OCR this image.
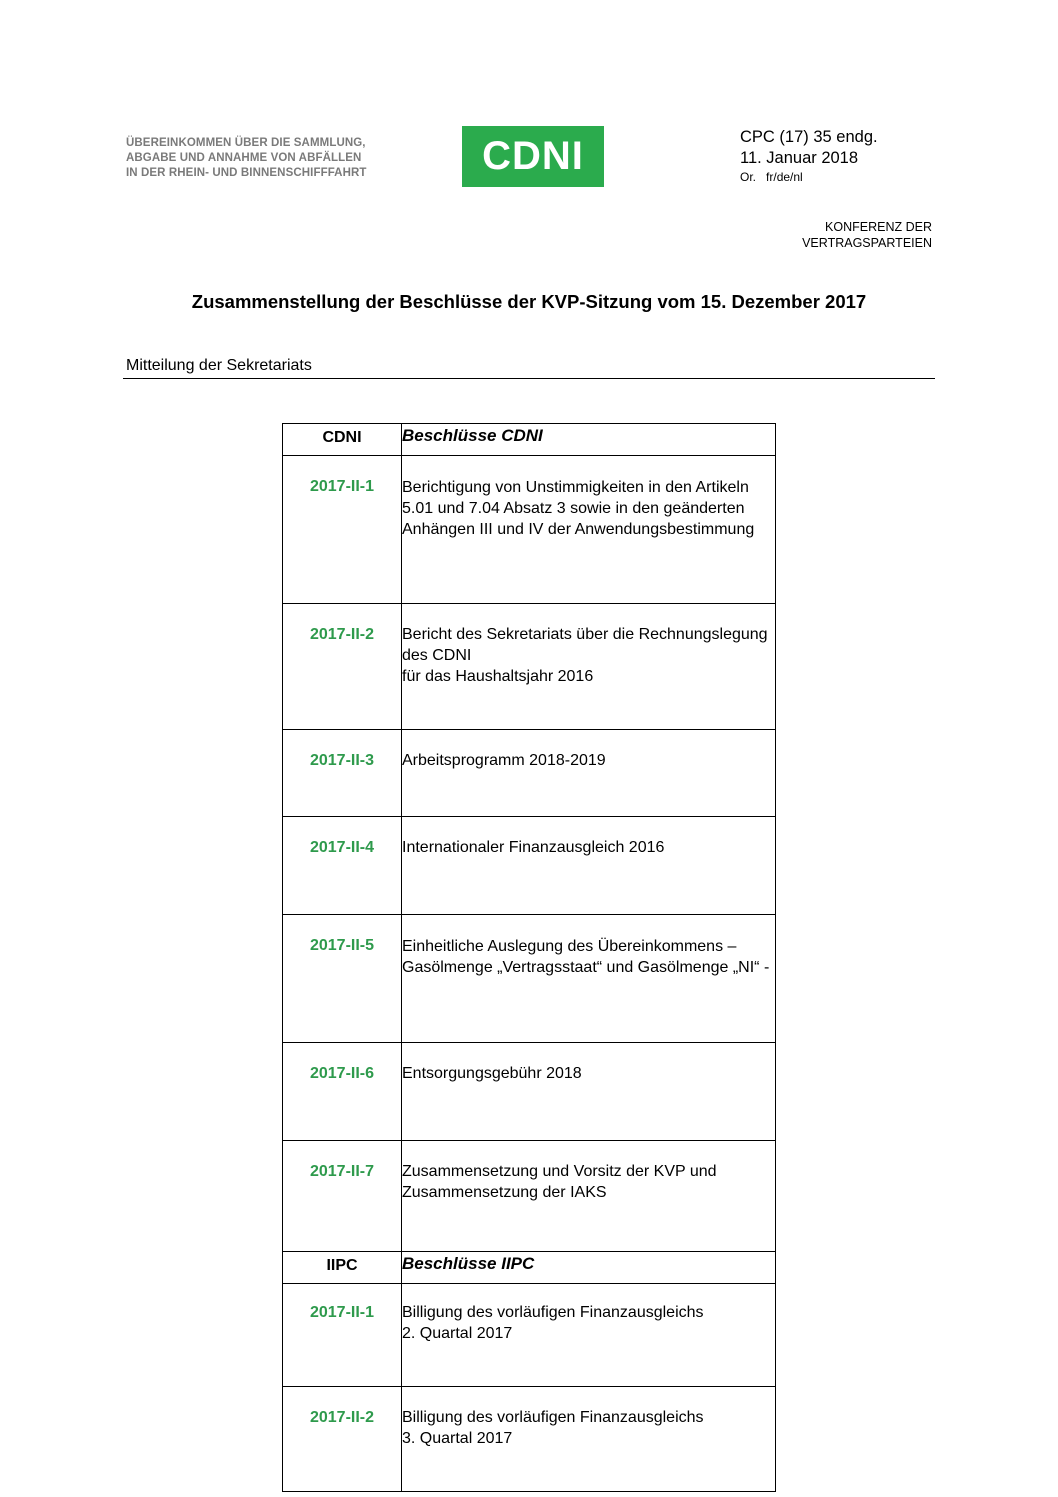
ÜBEREINKOMMEN ÜBER DIE SAMMLUNG,
ABGABE UND ANNAHME VON ABFÄLLEN
IN DER RHEIN- UND BINNENSCHIFFFAHRT	CDNI	CPC (17) 35 endg.
11. Januar 2018
Or. fr/de/nl
KONFERENZ DER
VERTRAGSPARTEIEN
Zusammenstellung der Beschlüsse der KVP-Sitzung vom 15. Dezember 2017
Mitteilung der Sekretariats
CDNI	Beschlüsse CDNI

2017-II-1	Berichtigung von Unstimmigkeiten in den Artikeln 5.01 und 7.04 Absatz 3 sowie in den geänderten Anhängen III und IV der Anwendungsbestimmung

2017-II-2	Bericht des Sekretariats über die Rechnungslegung des CDNI
für das Haushaltsjahr 2016

2017-II-3	Arbeitsprogramm 2018-2019

2017-II-4	Internationaler Finanzausgleich 2016

2017-II-5	Einheitliche Auslegung des Übereinkommens – Gasölmenge „Vertragsstaat“ und Gasölmenge „NI“ -

2017-II-6	Entsorgungsgebühr 2018

2017-II-7	Zusammensetzung und Vorsitz der KVP und Zusammensetzung der IAKS
IIPC	Beschlüsse IIPC

2017-II-1	Billigung des vorläufigen Finanzausgleichs
2. Quartal 2017

2017-II-2	Billigung des vorläufigen Finanzausgleichs
3. Quartal 2017
